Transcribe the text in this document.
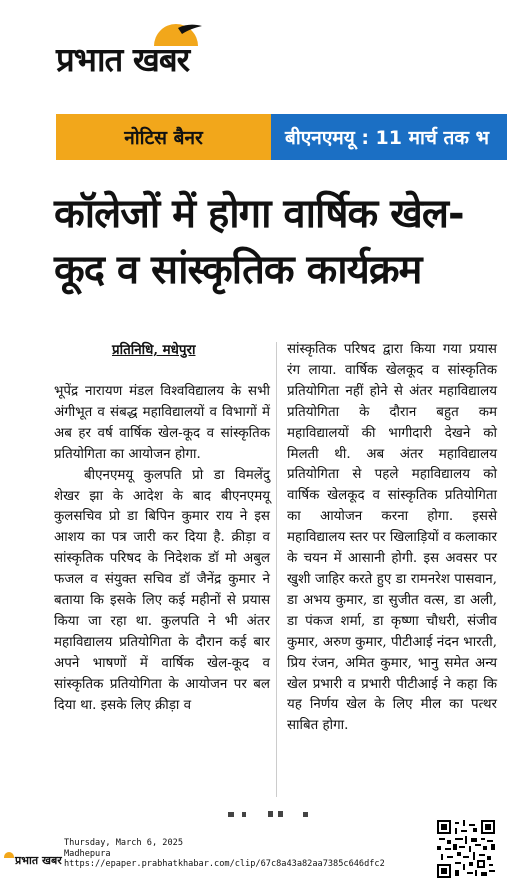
प्रभात खबर
नोटिस बैनर	बीएनएमयू : 11 मार्च तक भ
कॉलेजों में होगा वार्षिक खेल-
कूद व सांस्कृतिक कार्यक्रम
प्रतिनिधि, मधेपुरा

भूपेंद्र नारायण मंडल विश्वविद्यालय के सभी अंगीभूत व संबद्ध महाविद्यालयों व विभागों में अब हर वर्ष वार्षिक खेल-कूद व सांस्कृतिक प्रतियोगिता का आयोजन होगा.

बीएनएमयू कुलपति प्रो डा विमलेंदु शेखर झा के आदेश के बाद बीएनएमयू कुलसचिव प्रो डा बिपिन कुमार राय ने इस आशय का पत्र जारी कर दिया है. क्रीड़ा व सांस्कृतिक परिषद के निदेशक डॉ मो अबुल फजल व संयुक्त सचिव डॉ जैनेंद्र कुमार ने बताया कि इसके लिए कई महीनों से प्रयास किया जा रहा था. कुलपति ने भी अंतर महाविद्यालय प्रतियोगिता के दौरान कई बार अपने भाषणों में वार्षिक खेल-कूद व सांस्कृतिक प्रतियोगिता के आयोजन पर बल दिया था. इसके लिए क्रीड़ा व

सांस्कृतिक परिषद द्वारा किया गया प्रयास रंग लाया. वार्षिक खेलकूद व सांस्कृतिक प्रतियोगिता नहीं होने से अंतर महाविद्यालय प्रतियोगिता के दौरान बहुत कम महाविद्यालयों की भागीदारी देखने को मिलती थी. अब अंतर महाविद्यालय प्रतियोगिता से पहले महाविद्यालय को वार्षिक खेलकूद व सांस्कृतिक प्रतियोगिता का आयोजन करना होगा. इससे महाविद्यालय स्तर पर खिलाड़ियों व कलाकार के चयन में आसानी होगी. इस अवसर पर खुशी जाहिर करते हुए डा रामनरेश पासवान, डा अभय कुमार, डा सुजीत वत्स, डा अली, डा पंकज शर्मा, डा कृष्णा चौधरी, संजीव कुमार, अरुण कुमार, पीटीआई नंदन भारती, प्रिय रंजन, अमित कुमार, भानु समेत अन्य खेल प्रभारी व प्रभारी पीटीआई ने कहा कि यह निर्णय खेल के लिए मील का पत्थर साबित होगा.

प्रभात खबर
Thursday, March 6, 2025
Madhepura
https://epaper.prabhatkhabar.com/clip/67c8a43a82aa7385c646dfc2
